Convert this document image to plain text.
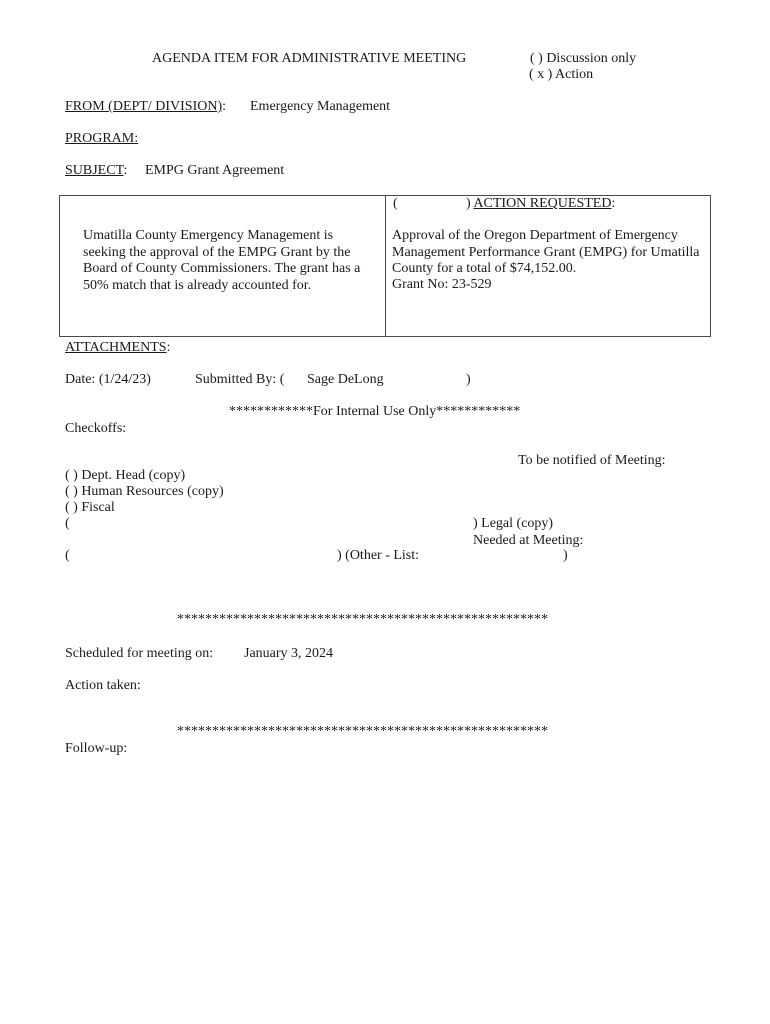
AGENDA ITEM FOR ADMINISTRATIVE MEETING	( ) Discussion only
( x ) Action
FROM (DEPT/ DIVISION): Emergency Management
PROGRAM:
SUBJECT: EMPG Grant Agreement
Umatilla County Emergency Management is seeking the approval of the EMPG Grant by the Board of County Commissioners. The grant has a 50% match that is already accounted for.
(	) ACTION REQUESTED:
Approval of the Oregon Department of Emergency Management Performance Grant (EMPG) for Umatilla County for a total of $74,152.00.
Grant No: 23-529
ATTACHMENTS:
Date: (1/24/23)	Submitted By: ( Sage DeLong	)
************For Internal Use Only************
Checkoffs:
To be notified of Meeting:
( ) Dept. Head (copy)
( ) Human Resources (copy)
( ) Fiscal
(	) Legal (copy)
Needed at Meeting:
(	) (Other - List:	)
*****************************************************
Scheduled for meeting on: January 3, 2024
Action taken:
*****************************************************
Follow-up:
